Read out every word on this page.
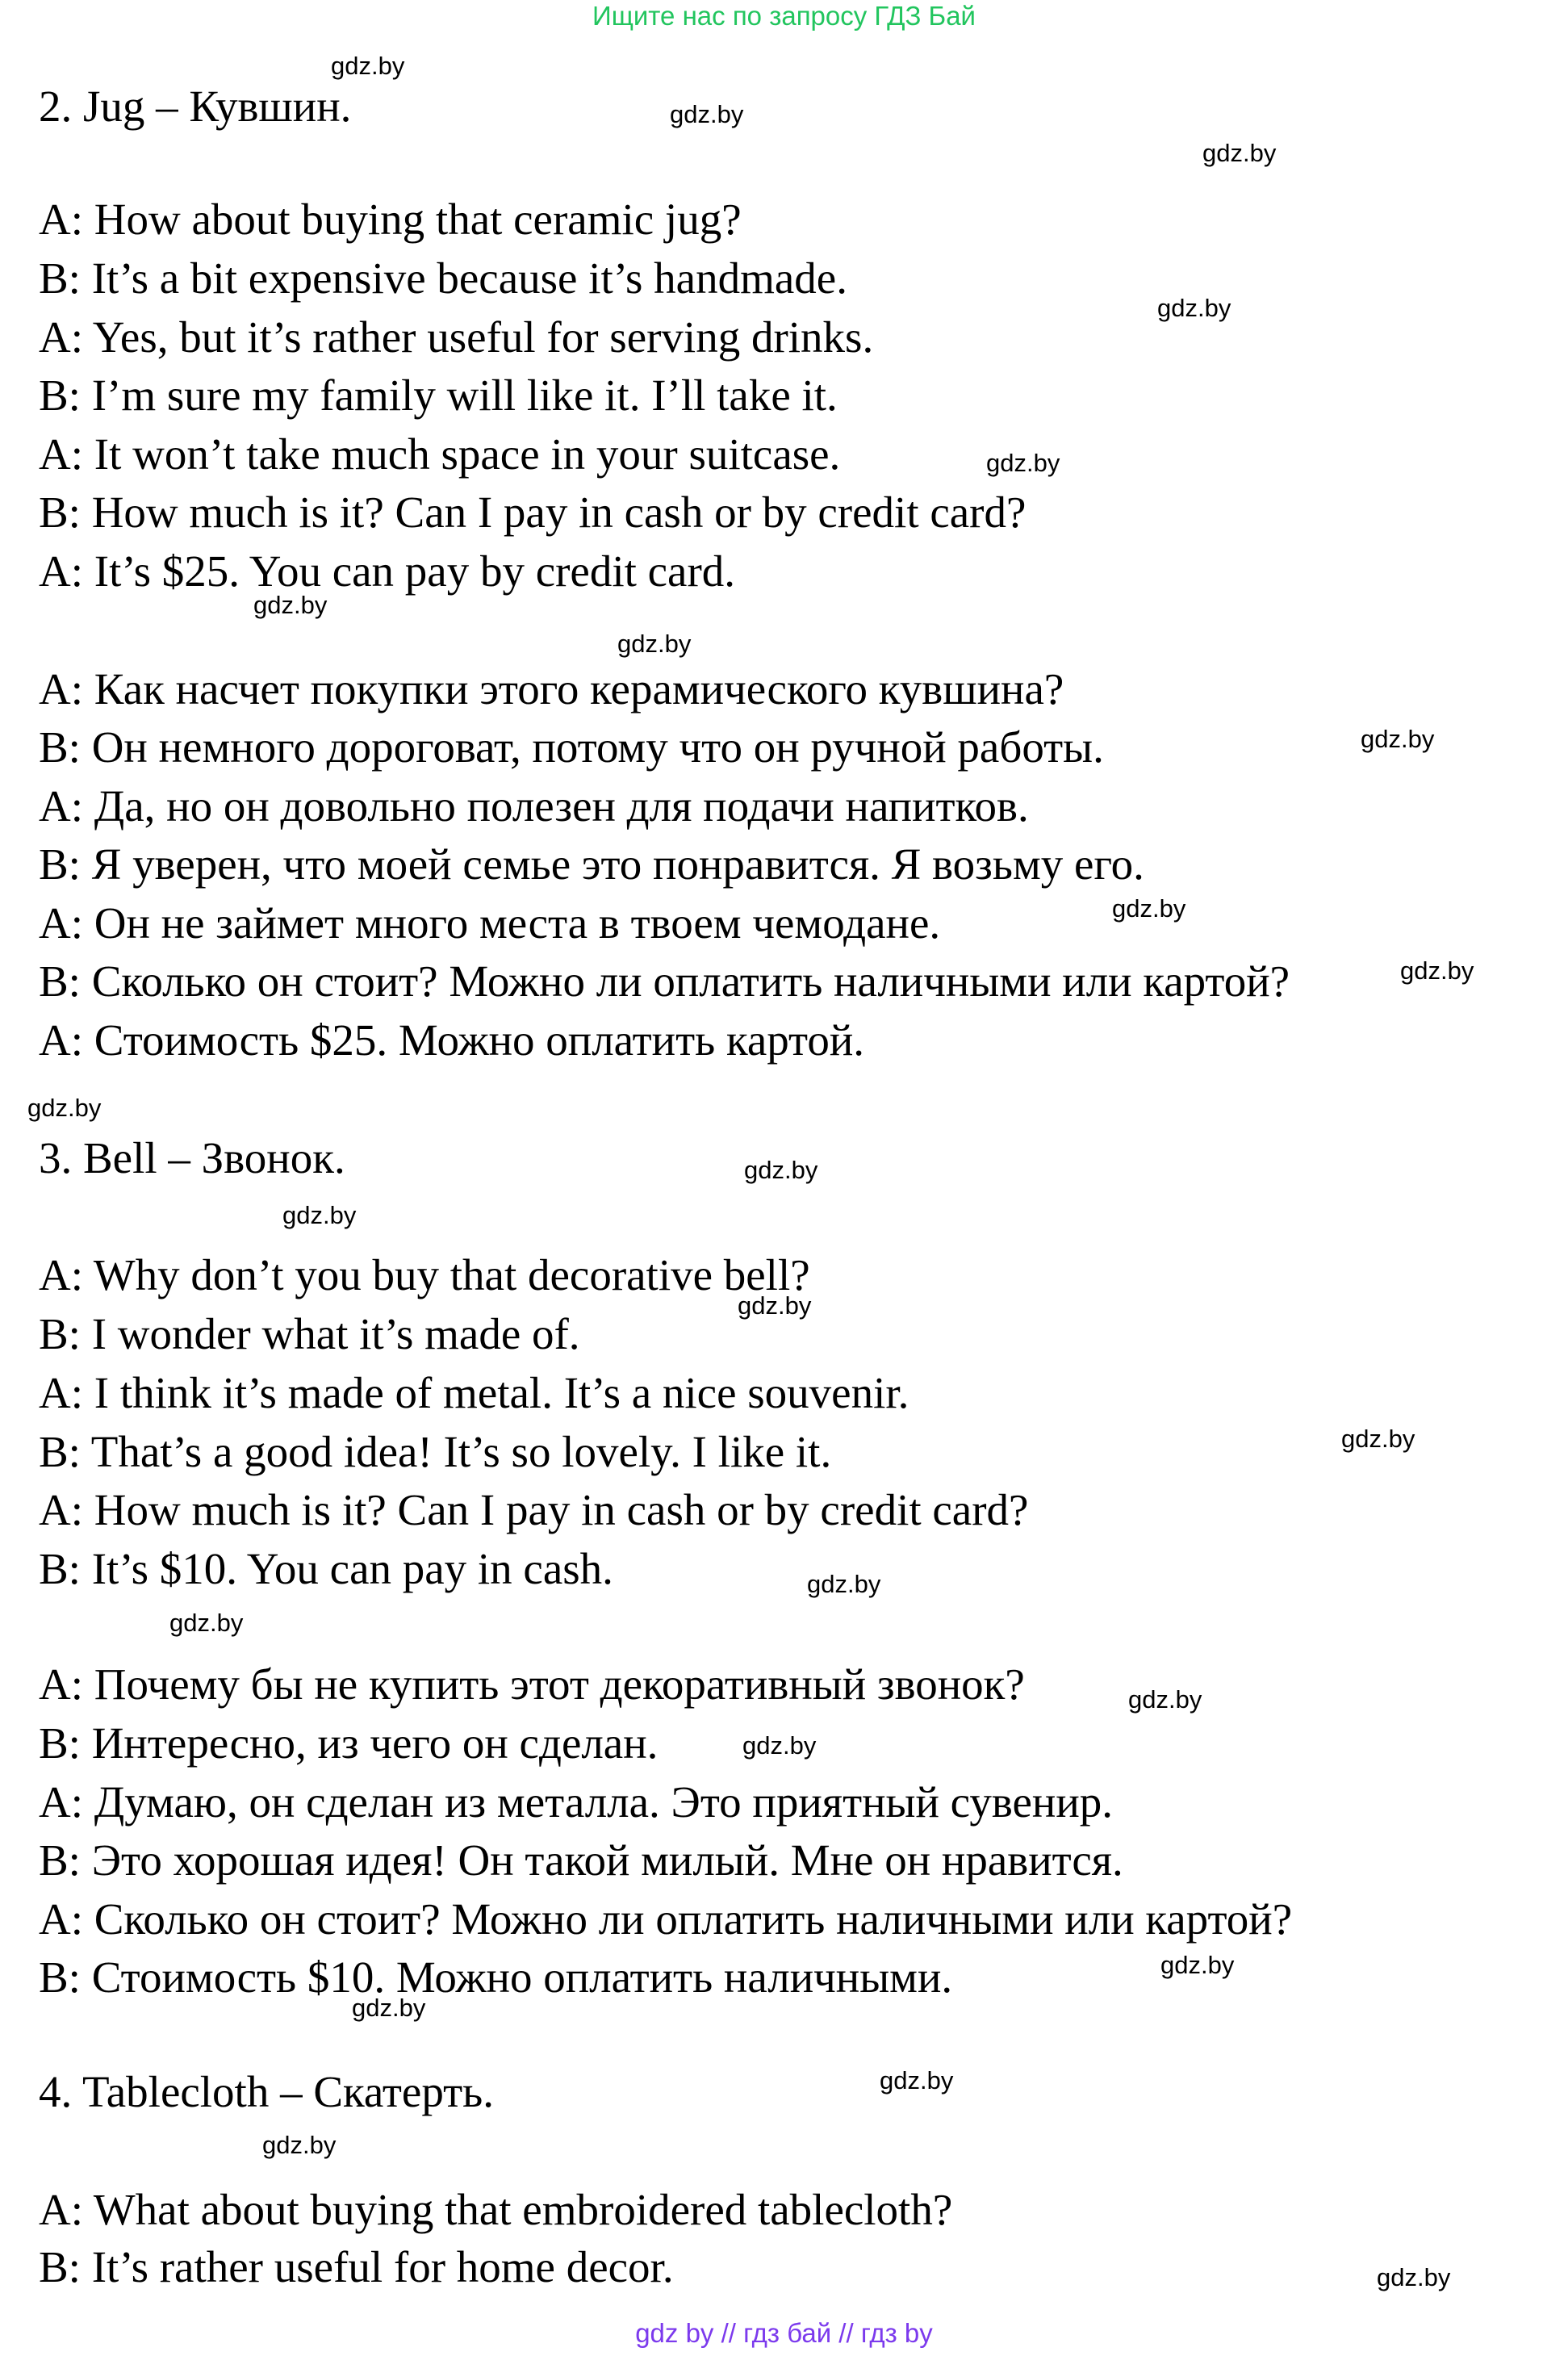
Ищите нас по запросу ГДЗ Бай
2. Jug – Кувшин.
A: How about buying that ceramic jug?
B: It’s a bit expensive because it’s handmade.
A: Yes, but it’s rather useful for serving drinks.
B: I’m sure my family will like it. I’ll take it.
A: It won’t take much space in your suitcase.
B: How much is it? Can I pay in cash or by credit card?
A: It’s $25. You can pay by credit card.
A: Как насчет покупки этого керамического кувшина?
B: Он немного дороговат, потому что он ручной работы.
A: Да, но он довольно полезен для подачи напитков.
B: Я уверен, что моей семье это понравится. Я возьму его.
A: Он не займет много места в твоем чемодане.
B: Сколько он стоит? Можно ли оплатить наличными или картой?
A: Стоимость $25. Можно оплатить картой.
3. Bell – Звонок.
A: Why don’t you buy that decorative bell?
B: I wonder what it’s made of.
A: I think it’s made of metal. It’s a nice souvenir.
B: That’s a good idea! It’s so lovely. I like it.
A: How much is it? Can I pay in cash or by credit card?
B: It’s $10. You can pay in cash.
A: Почему бы не купить этот декоративный звонок?
B: Интересно, из чего он сделан.
A: Думаю, он сделан из металла. Это приятный сувенир.
B: Это хорошая идея! Он такой милый. Мне он нравится.
A: Сколько он стоит? Можно ли оплатить наличными или картой?
B: Стоимость $10. Можно оплатить наличными.
4. Tablecloth – Скатерть.
A: What about buying that embroidered tablecloth?
B: It’s rather useful for home decor.
gdz.by
gdz.by
gdz.by
gdz.by
gdz.by
gdz.by
gdz.by
gdz.by
gdz.by
gdz.by
gdz.by
gdz.by
gdz.by
gdz.by
gdz.by
gdz.by
gdz.by
gdz.by
gdz.by
gdz.by
gdz.by
gdz.by
gdz.by
gdz.by
gdz by // гдз бай // гдз by
